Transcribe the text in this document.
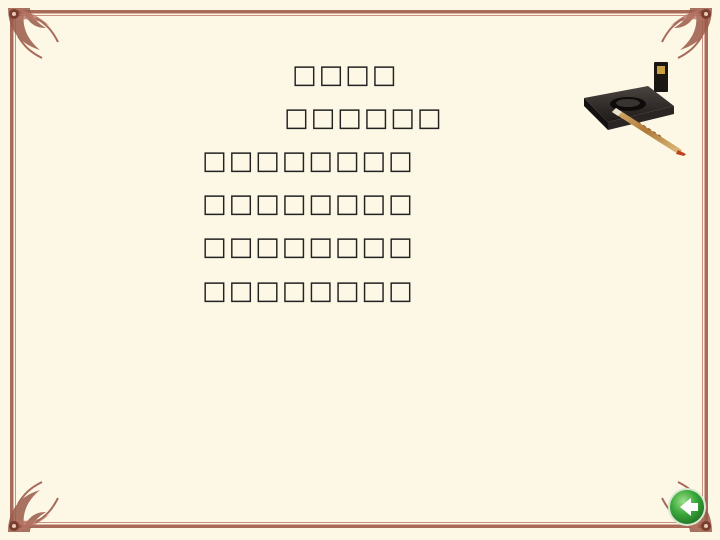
□□□□
□□□□□□
□□□□□□□□
□□□□□□□□
□□□□□□□□
□□□□□□□□
